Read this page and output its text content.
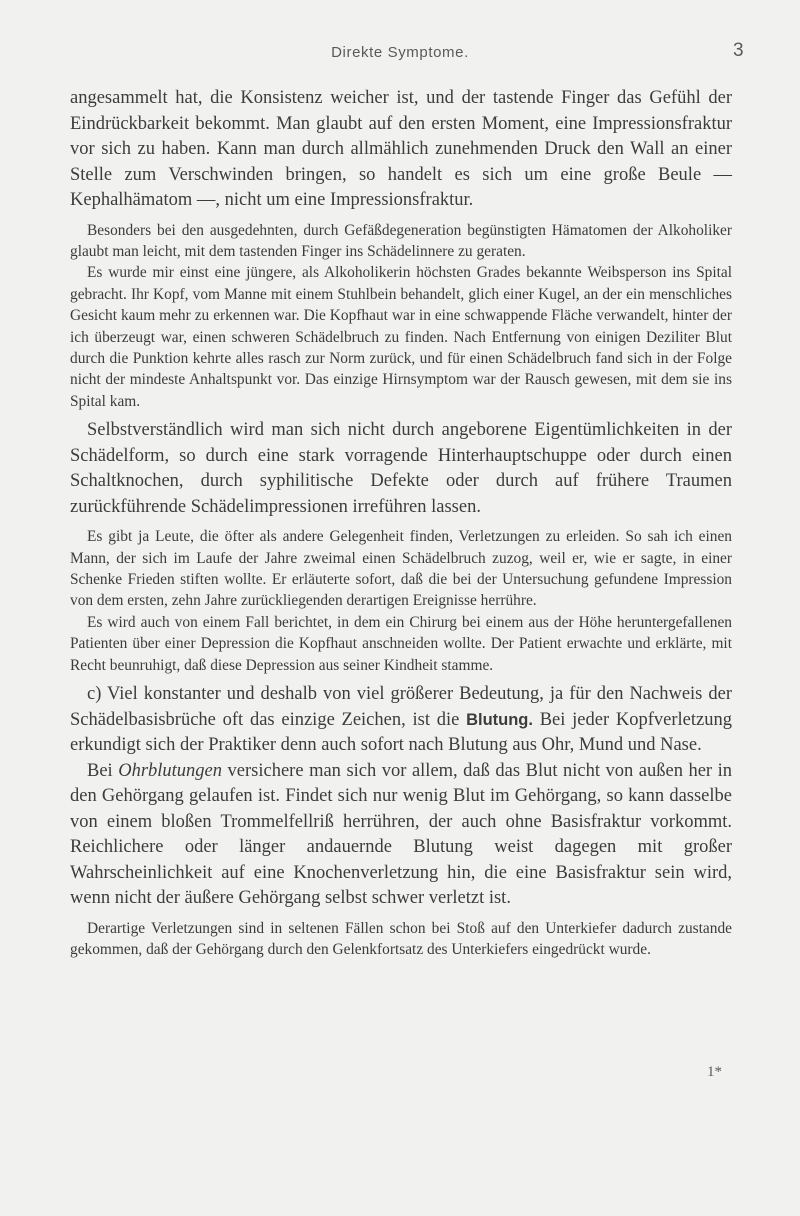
Direkte Symptome.	3

angesammelt hat, die Konsistenz weicher ist, und der tastende Finger das Gefühl der Eindrückbarkeit bekommt. Man glaubt auf den ersten Moment, eine Impressionsfraktur vor sich zu haben. Kann man durch allmählich zunehmenden Druck den Wall an einer Stelle zum Verschwinden bringen, so handelt es sich um eine große Beule — Kephalhämatom —, nicht um eine Impressionsfraktur.

Besonders bei den ausgedehnten, durch Gefäßdegeneration begünstigten Hämatomen der Alkoholiker glaubt man leicht, mit dem tastenden Finger ins Schädelinnere zu geraten.

Es wurde mir einst eine jüngere, als Alkoholikerin höchsten Grades bekannte Weibsperson ins Spital gebracht. Ihr Kopf, vom Manne mit einem Stuhlbein behandelt, glich einer Kugel, an der ein menschliches Gesicht kaum mehr zu erkennen war. Die Kopfhaut war in eine schwappende Fläche verwandelt, hinter der ich überzeugt war, einen schweren Schädelbruch zu finden. Nach Entfernung von einigen Deziliter Blut durch die Punktion kehrte alles rasch zur Norm zurück, und für einen Schädelbruch fand sich in der Folge nicht der mindeste Anhaltspunkt vor. Das einzige Hirnsymptom war der Rausch gewesen, mit dem sie ins Spital kam.

Selbstverständlich wird man sich nicht durch angeborene Eigentümlichkeiten in der Schädelform, so durch eine stark vorragende Hinterhauptschuppe oder durch einen Schaltknochen, durch syphilitische Defekte oder durch auf frühere Traumen zurückführende Schädelimpressionen irreführen lassen.

Es gibt ja Leute, die öfter als andere Gelegenheit finden, Verletzungen zu erleiden. So sah ich einen Mann, der sich im Laufe der Jahre zweimal einen Schädelbruch zuzog, weil er, wie er sagte, in einer Schenke Frieden stiften wollte. Er erläuterte sofort, daß die bei der Untersuchung gefundene Impression von dem ersten, zehn Jahre zurückliegenden derartigen Ereignisse herrühre.

Es wird auch von einem Fall berichtet, in dem ein Chirurg bei einem aus der Höhe heruntergefallenen Patienten über einer Depression die Kopfhaut anschneiden wollte. Der Patient erwachte und erklärte, mit Recht beunruhigt, daß diese Depression aus seiner Kindheit stamme.

c) Viel konstanter und deshalb von viel größerer Bedeutung, ja für den Nachweis der Schädelbasisbrüche oft das einzige Zeichen, ist die Blutung. Bei jeder Kopfverletzung erkundigt sich der Praktiker denn auch sofort nach Blutung aus Ohr, Mund und Nase.

Bei Ohrblutungen versichere man sich vor allem, daß das Blut nicht von außen her in den Gehörgang gelaufen ist. Findet sich nur wenig Blut im Gehörgang, so kann dasselbe von einem bloßen Trommelfellriß herrühren, der auch ohne Basisfraktur vorkommt. Reichlichere oder länger andauernde Blutung weist dagegen mit großer Wahrscheinlichkeit auf eine Knochenverletzung hin, die eine Basisfraktur sein wird, wenn nicht der äußere Gehörgang selbst schwer verletzt ist.

Derartige Verletzungen sind in seltenen Fällen schon bei Stoß auf den Unterkiefer dadurch zustande gekommen, daß der Gehörgang durch den Gelenkfortsatz des Unterkiefers eingedrückt wurde.

1*
